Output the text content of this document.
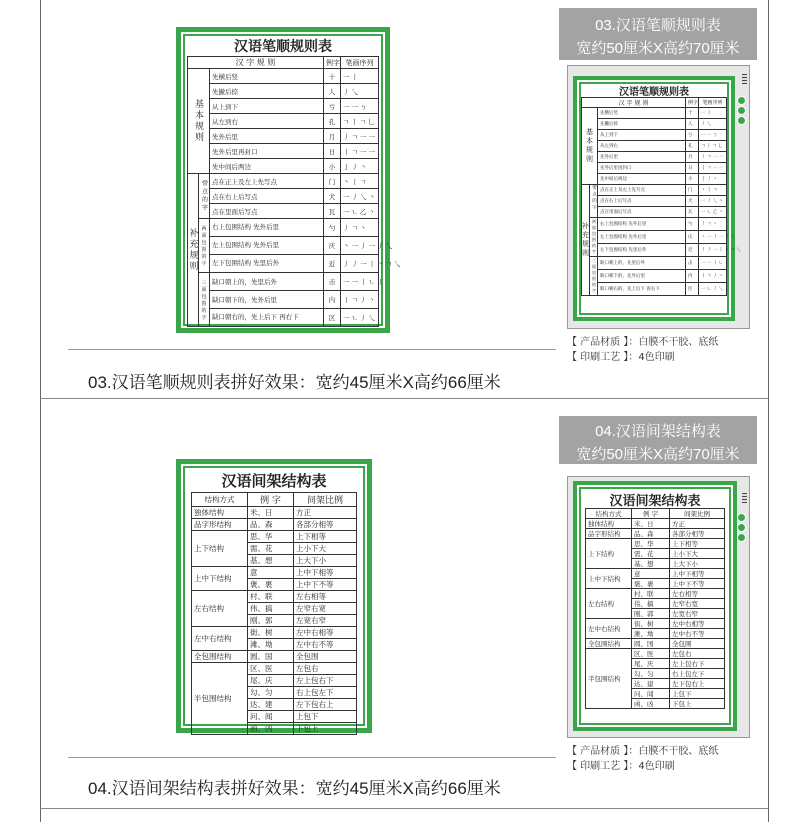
03.汉语笔顺规则表
宽约50厘米X高约70厘米
汉语笔顺规则表
汉 字 规 则			例字	笔画序列
基本规则		先横后竖	十	一 丨
		先撇后捺	人	丿 乀
		从上到下	亏	一 一 ㄅ
		从左到右	孔	ㄱ ㅣ ㄱ 乚
		先外后里	月	丿 ㄱ 一 一
		先外后里再封口	日	丨 ㄱ 一 一
		先中间后两边	小	亅 丿 丶
补充规则	带点的字	点在正上及左上先写点	门	丶 丨 ㄱ
		点在右上后写点	犬	一 丿 乀 丶
		点在里面后写点	瓦	一 ㄴ 乙 丶
	两面包围的字	右上包围结构 先外后里	勺	丿 ㄱ 丶
		左上包围结构 先外后里	庆	丶 一 丿 一 丿 乀
		左下包围结构 先里后外	近	丿 丿 一 丨 丶 ㄱ 乀
	三面包围的字	缺口朝上的，先里后外	击	一 一 丨 ㄴ 丨
		缺口朝下的，先外后里	内	丨 ㄱ 丿 丶
		缺口朝右的，先上后下 再右下	区	一 ㄴ 丿 乀
汉语笔顺规则表
汉 字 规 则			例字	笔画序列
基本规则		先横后竖	十	一 丨
		先撇后捺	人	丿 乀
		从上到下	亏	一 一 ㄅ
		从左到右	孔	ㄱ ㅣ ㄱ 乚
		先外后里	月	丿 ㄱ 一 一
		先外后里再封口	日	丨 ㄱ 一 一
		先中间后两边	小	亅 丿 丶
补充规则	带点的字	点在正上及左上先写点	门	丶 丨 ㄱ
		点在右上后写点	犬	一 丿 乀 丶
		点在里面后写点	瓦	一 ㄴ 乙 丶
	两面包围的字	右上包围结构 先外后里	勺	丿 ㄱ 丶
		左上包围结构 先外后里	庆	丶 一 丿 一 丿 乀
		左下包围结构 先里后外	近	丿 丿 一 丨 丶 ㄱ 乀
	三面包围的字	缺口朝上的，先里后外	击	一 一 丨 ㄴ 丨
		缺口朝下的，先外后里	内	丨 ㄱ 丿 丶
		缺口朝右的，先上后下 再右下	区	一 ㄴ 丿 乀
【 产品材质 】：白膜不干胶、底纸
【 印刷工艺 】：4色印刷
03.汉语笔顺规则表拼好效果：宽约45厘米X高约66厘米
04.汉语间架结构表
宽约50厘米X高约70厘米
汉语间架结构表
结构方式	例 字	间架比例
独体结构	米、日	方正
品字形结构	品、森	各部分相等
上下结构	思、华	上下相等
	需、花	上小下大
	基、想	上大下小
上中下结构	意	上中下相等
	褒、裹	上中下不等
左右结构	村、联	左右相等
	伟、搞	左窄右宽
	刚、郭	左宽右窄
左中右结构	街、树	左中右相等
	滩、坳	左中右不等
全包围结构	圆、国	全包围
半包围结构	区、医	左包右
	尾、庆	左上包右下
	勾、匀	右上包左下
	达、建	左下包右上
	问、闻	上包下
	函、凶	下包上
汉语间架结构表
结构方式	例 字	间架比例
独体结构	米、日	方正
品字形结构	品、森	各部分相等
上下结构	思、华	上下相等
	需、花	上小下大
	基、想	上大下小
上中下结构	意	上中下相等
	褒、裹	上中下不等
左右结构	村、联	左右相等
	伟、搞	左窄右宽
	刚、郭	左宽右窄
左中右结构	街、树	左中右相等
	滩、坳	左中右不等
全包围结构	圆、国	全包围
半包围结构	区、医	左包右
	尾、庆	左上包右下
	勾、匀	右上包左下
	达、建	左下包右上
	问、闻	上包下
	函、凶	下包上
【 产品材质 】：白膜不干胶、底纸
【 印刷工艺 】：4色印刷
04.汉语间架结构表拼好效果：宽约45厘米X高约66厘米
